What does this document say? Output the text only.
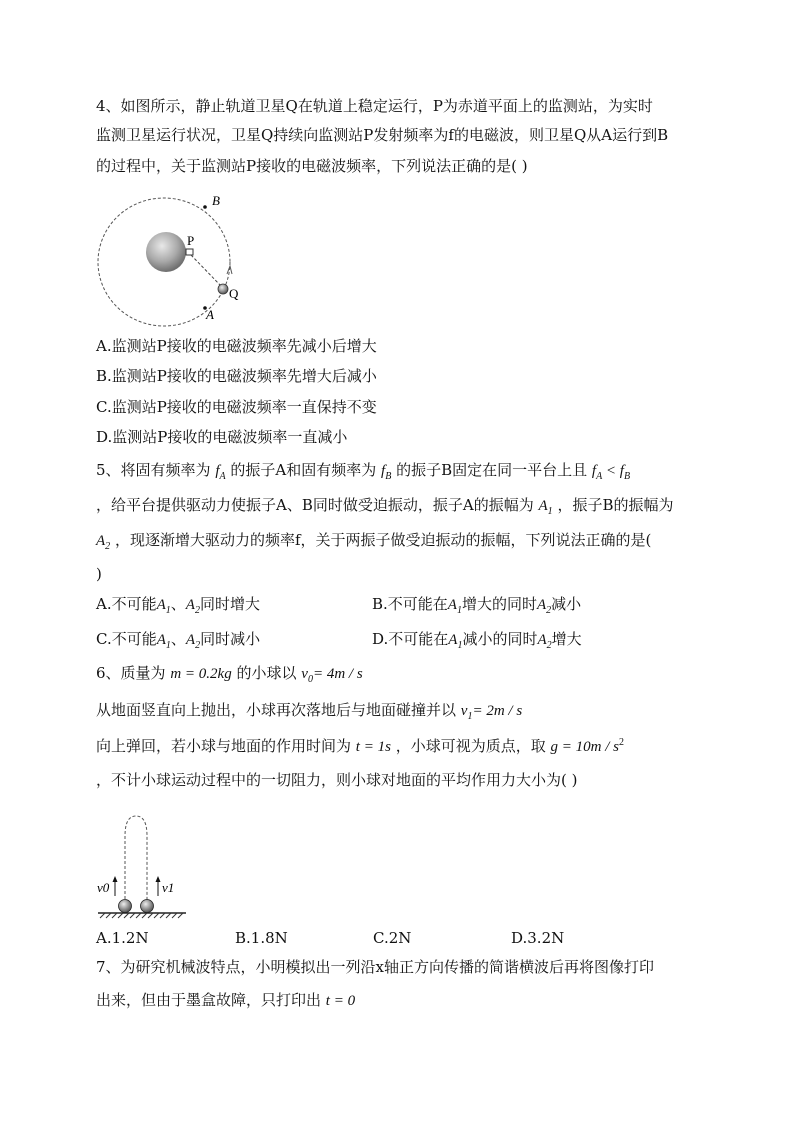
4、如图所示，静止轨道卫星Q在轨道上稳定运行，P为赤道平面上的监测站，为实时
监测卫星运行状况，卫星Q持续向监测站P发射频率为f的电磁波，则卫星Q从A运行到B
的过程中，关于监测站P接收的电磁波频率，下列说法正确的是( )
B
P
Q
A
A.监测站P接收的电磁波频率先减小后增大
B.监测站P接收的电磁波频率先增大后减小
C.监测站P接收的电磁波频率一直保持不变
D.监测站P接收的电磁波频率一直减小
5、将固有频率为 $f_A$ 的振子A和固有频率为 $f_B$ 的振子B固定在同一平台上且 $f_A < f_B$
，给平台提供驱动力使振子A、B同时做受迫振动，振子A的振幅为 $A_1$ ，振子B的振幅为
$A_2$ ，现逐渐增大驱动力的频率f，关于两振子做受迫振动的振幅，下列说法正确的是(
)
A.不可能$A_1$、$A_2$同时增大	B.不可能在$A_1$增大的同时$A_2$减小
C.不可能$A_1$、$A_2$同时减小	D.不可能在$A_1$减小的同时$A_2$增大
6、质量为 m = 0.2kg 的小球以 $v_0= 4m / s$
从地面竖直向上抛出，小球再次落地后与地面碰撞并以 $v_1= 2m / s$
向上弹回，若小球与地面的作用时间为 t = 1s ，小球可视为质点，取 $g = 10m / s^2$
，不计小球运动过程中的一切阻力，则小球对地面的平均作用力大小为( )
v0	v1
A.1.2N	B.1.8N	C.2N	D.3.2N
7、为研究机械波特点，小明模拟出一列沿x轴正方向传播的简谐横波后再将图像打印
出来，但由于墨盒故障，只打印出 t = 0
